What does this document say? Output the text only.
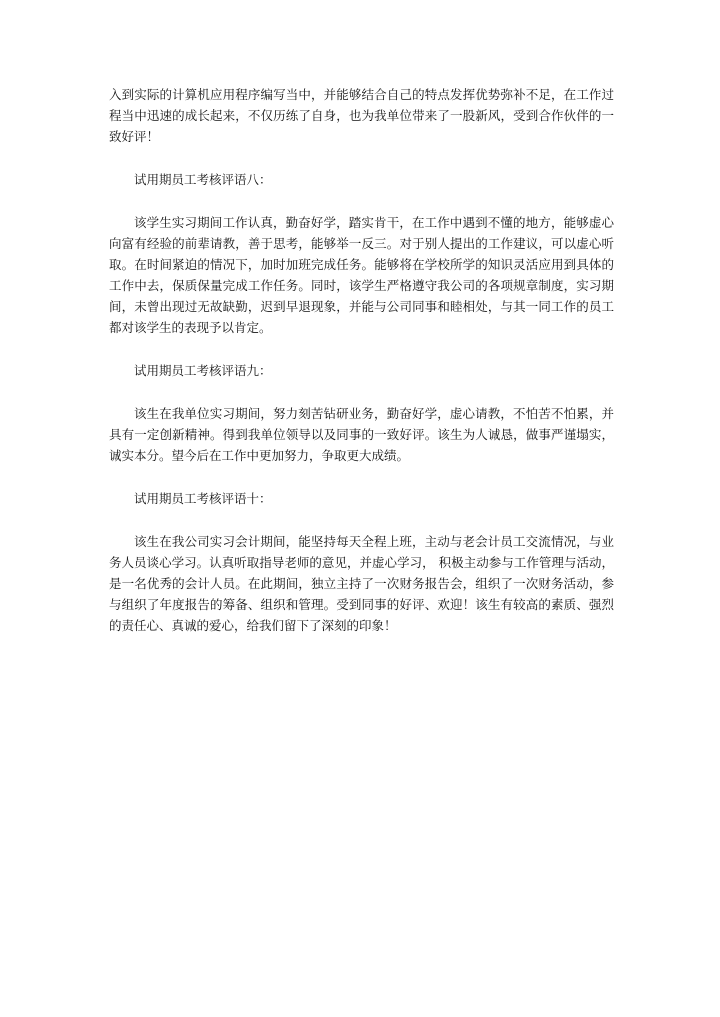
入到实际的计算机应用程序编写当中，并能够结合自己的特点发挥优势弥补不足，在工作过程当中迅速的成长起来，不仅历练了自身，也为我单位带来了一股新风，受到合作伙伴的一致好评！

试用期员工考核评语八：

该学生实习期间工作认真，勤奋好学，踏实肯干，在工作中遇到不懂的地方，能够虚心向富有经验的前辈请教，善于思考，能够举一反三。对于别人提出的工作建议，可以虚心听取。在时间紧迫的情况下，加时加班完成任务。能够将在学校所学的知识灵活应用到具体的工作中去，保质保量完成工作任务。同时，该学生严格遵守我公司的各项规章制度，实习期间，未曾出现过无故缺勤，迟到早退现象，并能与公司同事和睦相处，与其一同工作的员工都对该学生的表现予以肯定。

试用期员工考核评语九：

该生在我单位实习期间，努力刻苦钻研业务，勤奋好学，虚心请教，不怕苦不怕累，并具有一定创新精神。得到我单位领导以及同事的一致好评。该生为人诚恳，做事严谨塌实，诚实本分。望今后在工作中更加努力，争取更大成绩。

试用期员工考核评语十：

该生在我公司实习会计期间，能坚持每天全程上班，主动与老会计员工交流情况，与业务人员谈心学习。认真听取指导老师的意见，并虚心学习， 积极主动参与工作管理与活动，是一名优秀的会计人员。在此期间，独立主持了一次财务报告会，组织了一次财务活动，参与组织了年度报告的筹备、组织和管理。受到同事的好评、欢迎！该生有较高的素质、强烈的责任心、真诚的爱心，给我们留下了深刻的印象！
